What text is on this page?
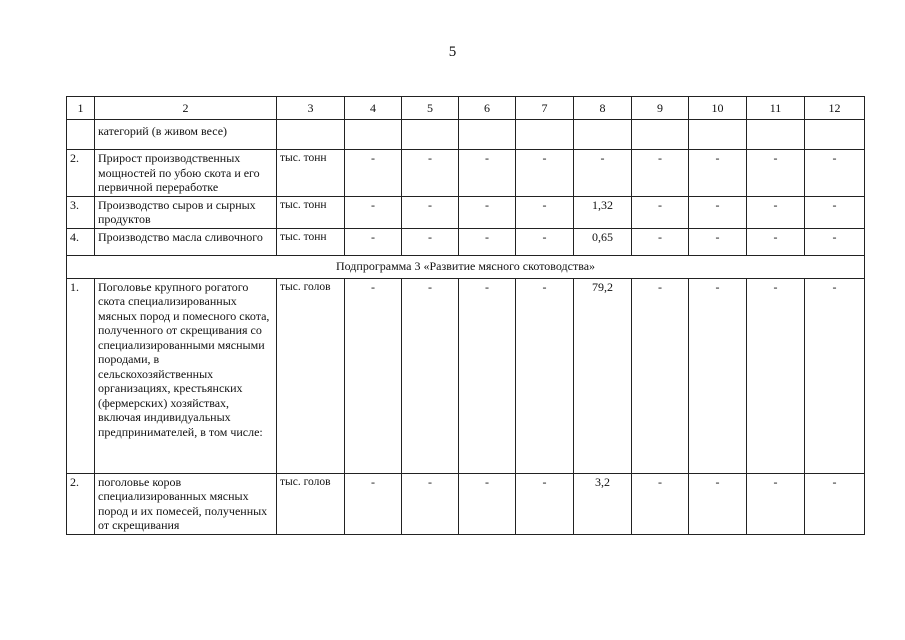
5
1	2	3	4	5	6	7	8	9	10	11	12
	категорий (в живом весе)										
2.	Прирост производственных мощностей по убою скота и его первичной переработке	тыс. тонн	-	-	-	-	-	-	-	-	-
3.	Производство сыров и сырных продуктов	тыс. тонн	-	-	-	-	1,32	-	-	-	-
4.	Производство масла сливочного	тыс. тонн	-	-	-	-	0,65	-	-	-	-
Подпрограмма 3 «Развитие мясного скотоводства»											
1.	Поголовье крупного рогатого скота специализированных мясных пород и помесного скота, полученного от скрещивания со специализированными мясными породами, в сельскохозяйственных организациях, крестьянских (фермерских) хозяйствах, включая индивидуальных предпринимателей, в том числе:	тыс. голов	-	-	-	-	79,2	-	-	-	-
2.	поголовье коров специализированных мясных пород и их помесей, полученных от скрещивания	тыс. голов	-	-	-	-	3,2	-	-	-	-
